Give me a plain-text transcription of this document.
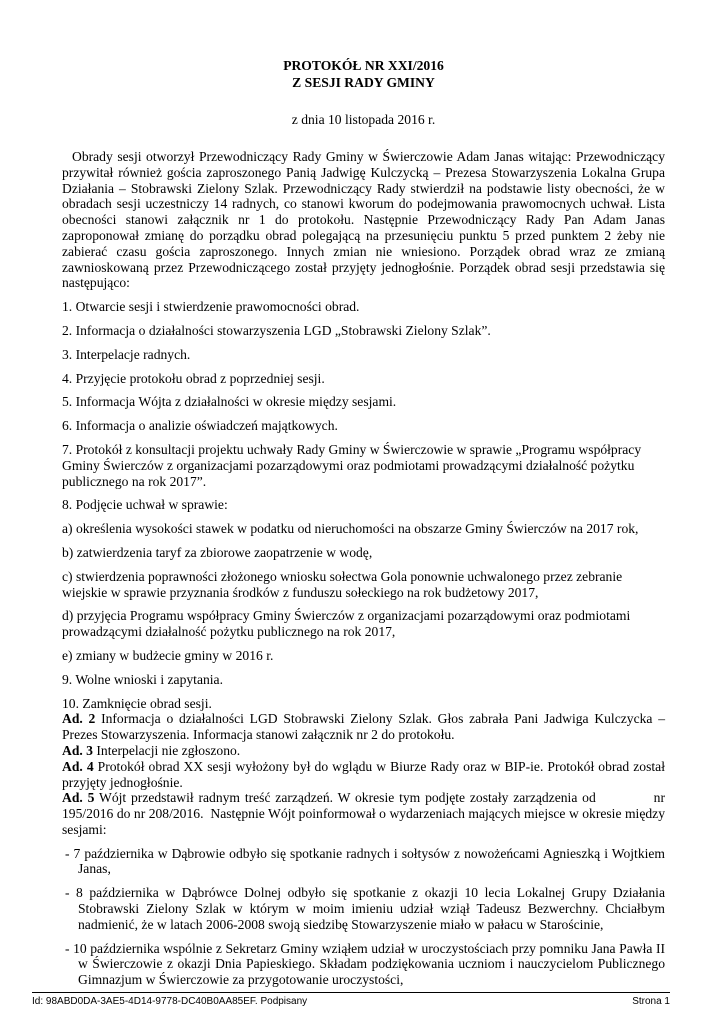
PROTOKÓŁ NR XXI/2016

Z SESJI RADY GMINY

z dnia 10 listopada 2016 r.
Obrady sesji otworzył Przewodniczący Rady Gminy w Świerczowie Adam Janas witając: Przewodniczący przywitał również gościa zaproszonego Panią Jadwigę Kulczycką – Prezesa Stowarzyszenia Lokalna Grupa Działania – Stobrawski Zielony Szlak. Przewodniczący Rady stwierdził na podstawie listy obecności, że w obradach sesji uczestniczy 14 radnych, co stanowi kworum do podejmowania prawomocnych uchwał. Lista obecności stanowi załącznik nr 1 do protokołu. Następnie Przewodniczący Rady Pan Adam Janas zaproponował zmianę do porządku obrad polegającą na przesunięciu punktu 5 przed punktem 2 żeby nie zabierać czasu gościa zaproszonego. Innych zmian nie wniesiono. Porządek obrad wraz ze zmianą zawnioskowaną przez Przewodniczącego został przyjęty jednogłośnie. Porządek obrad sesji przedstawia się następująco:
1. Otwarcie sesji i stwierdzenie prawomocności obrad.
2. Informacja o działalności stowarzyszenia LGD „Stobrawski Zielony Szlak”.
3. Interpelacje radnych.
4. Przyjęcie protokołu obrad z poprzedniej sesji.
5. Informacja Wójta z działalności w okresie między sesjami.
6. Informacja o analizie oświadczeń majątkowych.
7. Protokół z konsultacji projektu uchwały Rady Gminy w Świerczowie w sprawie „Programu współpracy Gminy Świerczów z organizacjami pozarządowymi oraz podmiotami prowadzącymi działalność pożytku publicznego na rok 2017”.
8. Podjęcie uchwał w sprawie:
a) określenia wysokości stawek w podatku od nieruchomości na obszarze Gminy Świerczów na 2017 rok,
b) zatwierdzenia taryf za zbiorowe zaopatrzenie w wodę,
c) stwierdzenia poprawności złożonego wniosku sołectwa Gola ponownie uchwalonego przez zebranie wiejskie w sprawie przyznania środków z funduszu sołeckiego na rok budżetowy 2017,
d) przyjęcia Programu współpracy Gminy Świerczów z organizacjami pozarządowymi oraz podmiotami prowadzącymi działalność pożytku publicznego na rok 2017,
e) zmiany w budżecie gminy w 2016 r.
9. Wolne wnioski i zapytania.
10. Zamknięcie obrad sesji.
Ad. 2 Informacja o działalności LGD Stobrawski Zielony Szlak. Głos zabrała Pani Jadwiga Kulczycka – Prezes Stowarzyszenia. Informacja stanowi załącznik nr 2 do protokołu.
Ad. 3 Interpelacji nie zgłoszono.
Ad. 4 Protokół obrad XX sesji wyłożony był do wglądu w Biurze Rady oraz w BIP-ie. Protokół obrad został przyjęty jednogłośnie.
Ad. 5 Wójt przedstawił radnym treść zarządzeń. W okresie tym podjęte zostały zarządzenia od            nr 195/2016 do nr 208/2016.  Następnie Wójt poinformował o wydarzeniach mających miejsce w okresie między sesjami:
- 7 października w Dąbrowie odbyło się spotkanie radnych i sołtysów z nowożeńcami Agnieszką i Wojtkiem Janas,
- 8 października w Dąbrówce Dolnej odbyło się spotkanie z okazji 10 lecia Lokalnej Grupy Działania Stobrawski Zielony Szlak w którym w moim imieniu udział wziął Tadeusz Bezwerchny. Chciałbym nadmienić, że w latach 2006-2008 swoją siedzibę Stowarzyszenie miało w pałacu w Starościnie,
- 10 października wspólnie z Sekretarz Gminy wziąłem udział w uroczystościach przy pomniku Jana Pawła II w Świerczowie z okazji Dnia Papieskiego. Składam podziękowania uczniom i nauczycielom Publicznego Gimnazjum w Świerczowie za przygotowanie uroczystości,
Id: 98ABD0DA-3AE5-4D14-9778-DC40B0AA85EF. Podpisany	Strona 1
